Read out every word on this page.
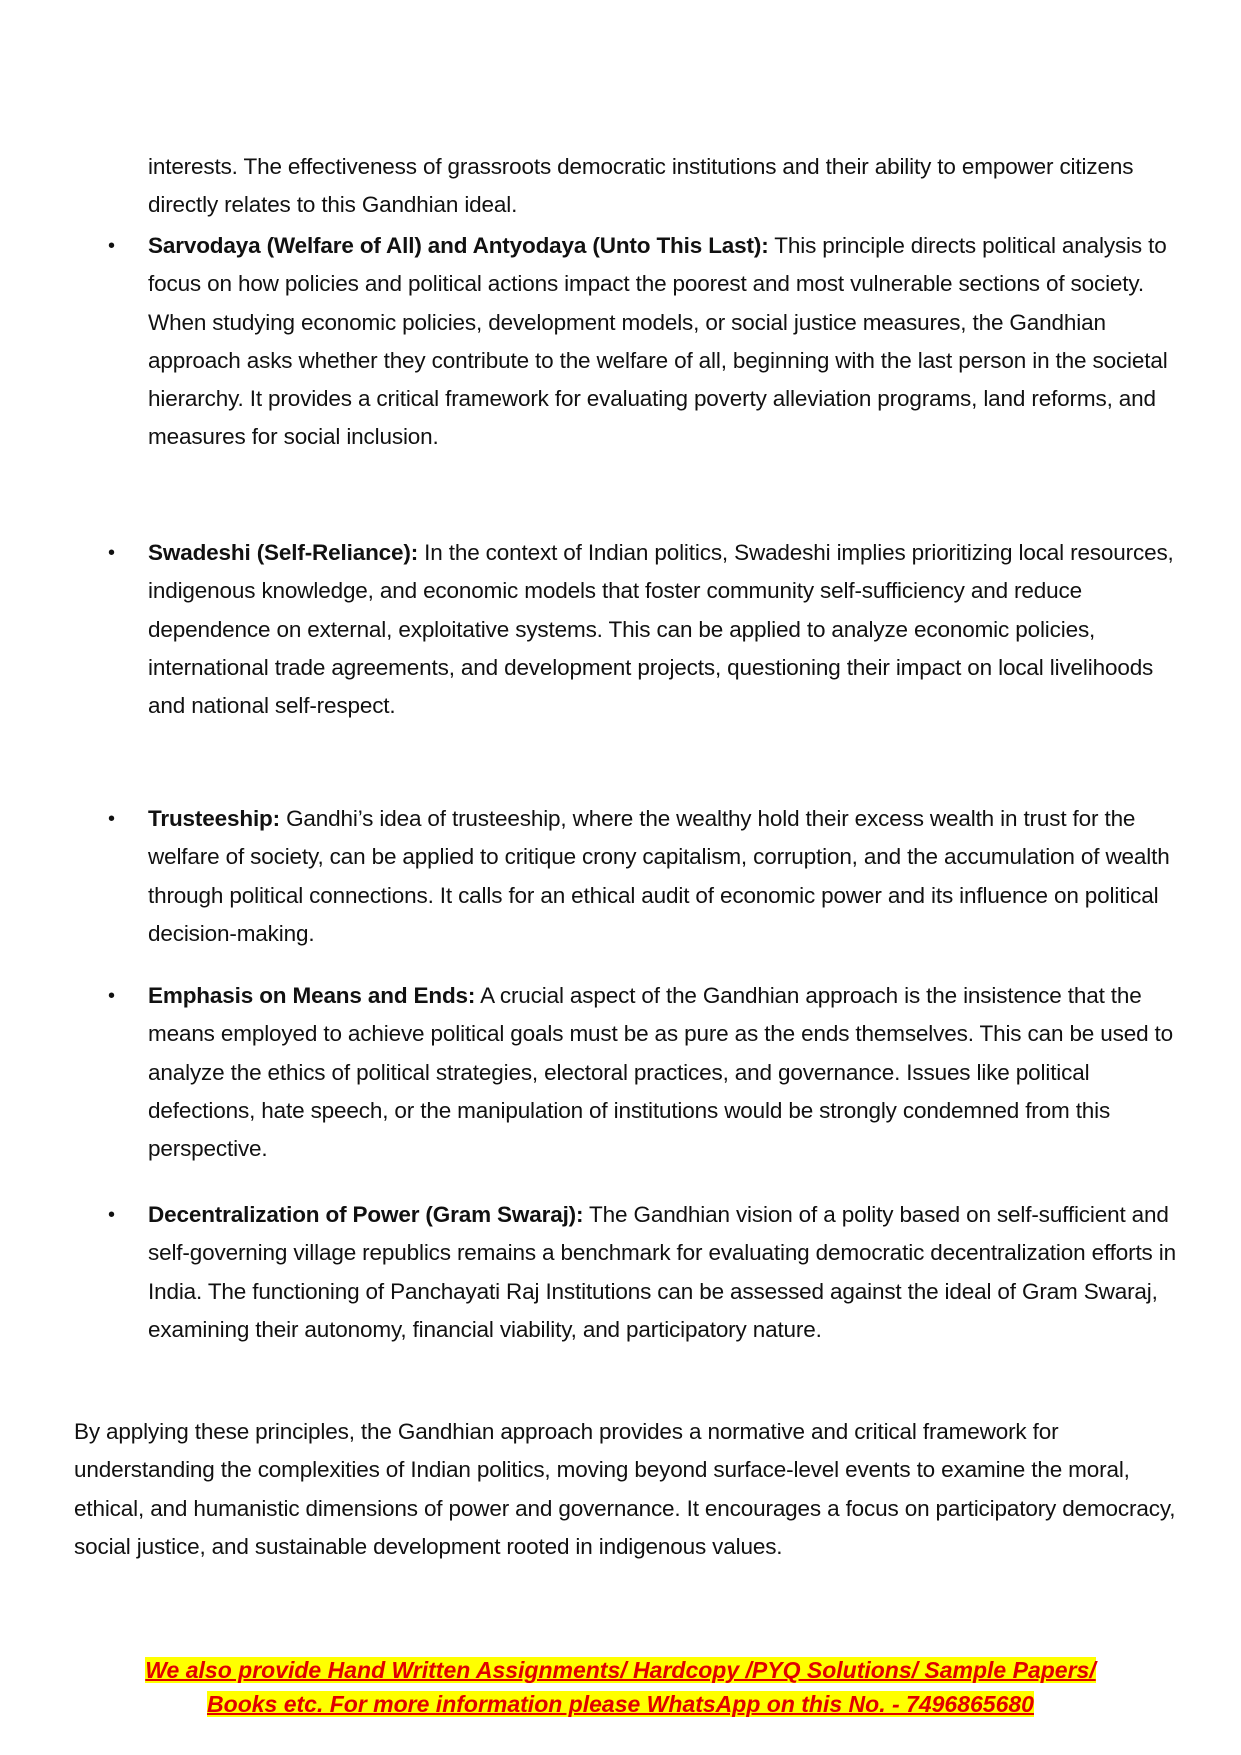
interests. The effectiveness of grassroots democratic institutions and their ability to empower citizens directly relates to this Gandhian ideal.
• Sarvodaya (Welfare of All) and Antyodaya (Unto This Last): This principle directs political analysis to focus on how policies and political actions impact the poorest and most vulnerable sections of society. When studying economic policies, development models, or social justice measures, the Gandhian approach asks whether they contribute to the welfare of all, beginning with the last person in the societal hierarchy. It provides a critical framework for evaluating poverty alleviation programs, land reforms, and measures for social inclusion.
• Swadeshi (Self-Reliance): In the context of Indian politics, Swadeshi implies prioritizing local resources, indigenous knowledge, and economic models that foster community self-sufficiency and reduce dependence on external, exploitative systems. This can be applied to analyze economic policies, international trade agreements, and development projects, questioning their impact on local livelihoods and national self-respect.
• Trusteeship: Gandhi’s idea of trusteeship, where the wealthy hold their excess wealth in trust for the welfare of society, can be applied to critique crony capitalism, corruption, and the accumulation of wealth through political connections. It calls for an ethical audit of economic power and its influence on political decision-making.
• Emphasis on Means and Ends: A crucial aspect of the Gandhian approach is the insistence that the means employed to achieve political goals must be as pure as the ends themselves. This can be used to analyze the ethics of political strategies, electoral practices, and governance. Issues like political defections, hate speech, or the manipulation of institutions would be strongly condemned from this perspective.
• Decentralization of Power (Gram Swaraj): The Gandhian vision of a polity based on self-sufficient and self-governing village republics remains a benchmark for evaluating democratic decentralization efforts in India. The functioning of Panchayati Raj Institutions can be assessed against the ideal of Gram Swaraj, examining their autonomy, financial viability, and participatory nature.
By applying these principles, the Gandhian approach provides a normative and critical framework for understanding the complexities of Indian politics, moving beyond surface-level events to examine the moral, ethical, and humanistic dimensions of power and governance. It encourages a focus on participatory democracy, social justice, and sustainable development rooted in indigenous values.
We also provide Hand Written Assignments/ Hardcopy /PYQ Solutions/ Sample Papers/
Books etc. For more information please WhatsApp on this No. - 7496865680
